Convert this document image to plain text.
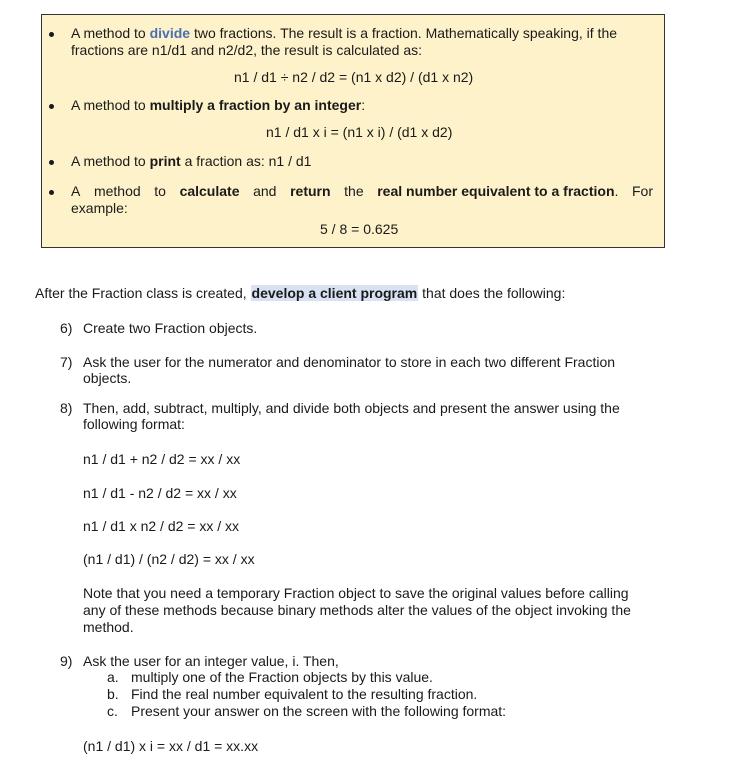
A method to divide two fractions. The result is a fraction. Mathematically speaking, if the
fractions are n1/d1 and n2/d2, the result is calculated as:
n1 / d1 ÷ n2 / d2 = (n1 x d2) / (d1 x n2)
A method to multiply a fraction by an integer:
n1 / d1 x i = (n1 x i) / (d1 x d2)
A method to print a fraction as: n1 / d1
A method to calculate and return the real number equivalent to a fraction. For
example:
5 / 8 = 0.625
After the Fraction class is created, develop a client program that does the following:
6) Create two Fraction objects.
7) Ask the user for the numerator and denominator to store in each two different Fraction
objects.
8) Then, add, subtract, multiply, and divide both objects and present the answer using the
following format:
n1 / d1 + n2 / d2 = xx / xx
n1 / d1 - n2 / d2 = xx / xx
n1 / d1 x n2 / d2 = xx / xx
(n1 / d1) / (n2 / d2) = xx / xx
Note that you need a temporary Fraction object to save the original values before calling
any of these methods because binary methods alter the values of the object invoking the
method.
9) Ask the user for an integer value, i. Then,
a. multiply one of the Fraction objects by this value.
b. Find the real number equivalent to the resulting fraction.
c. Present your answer on the screen with the following format:
(n1 / d1) x i = xx / d1 = xx.xx
